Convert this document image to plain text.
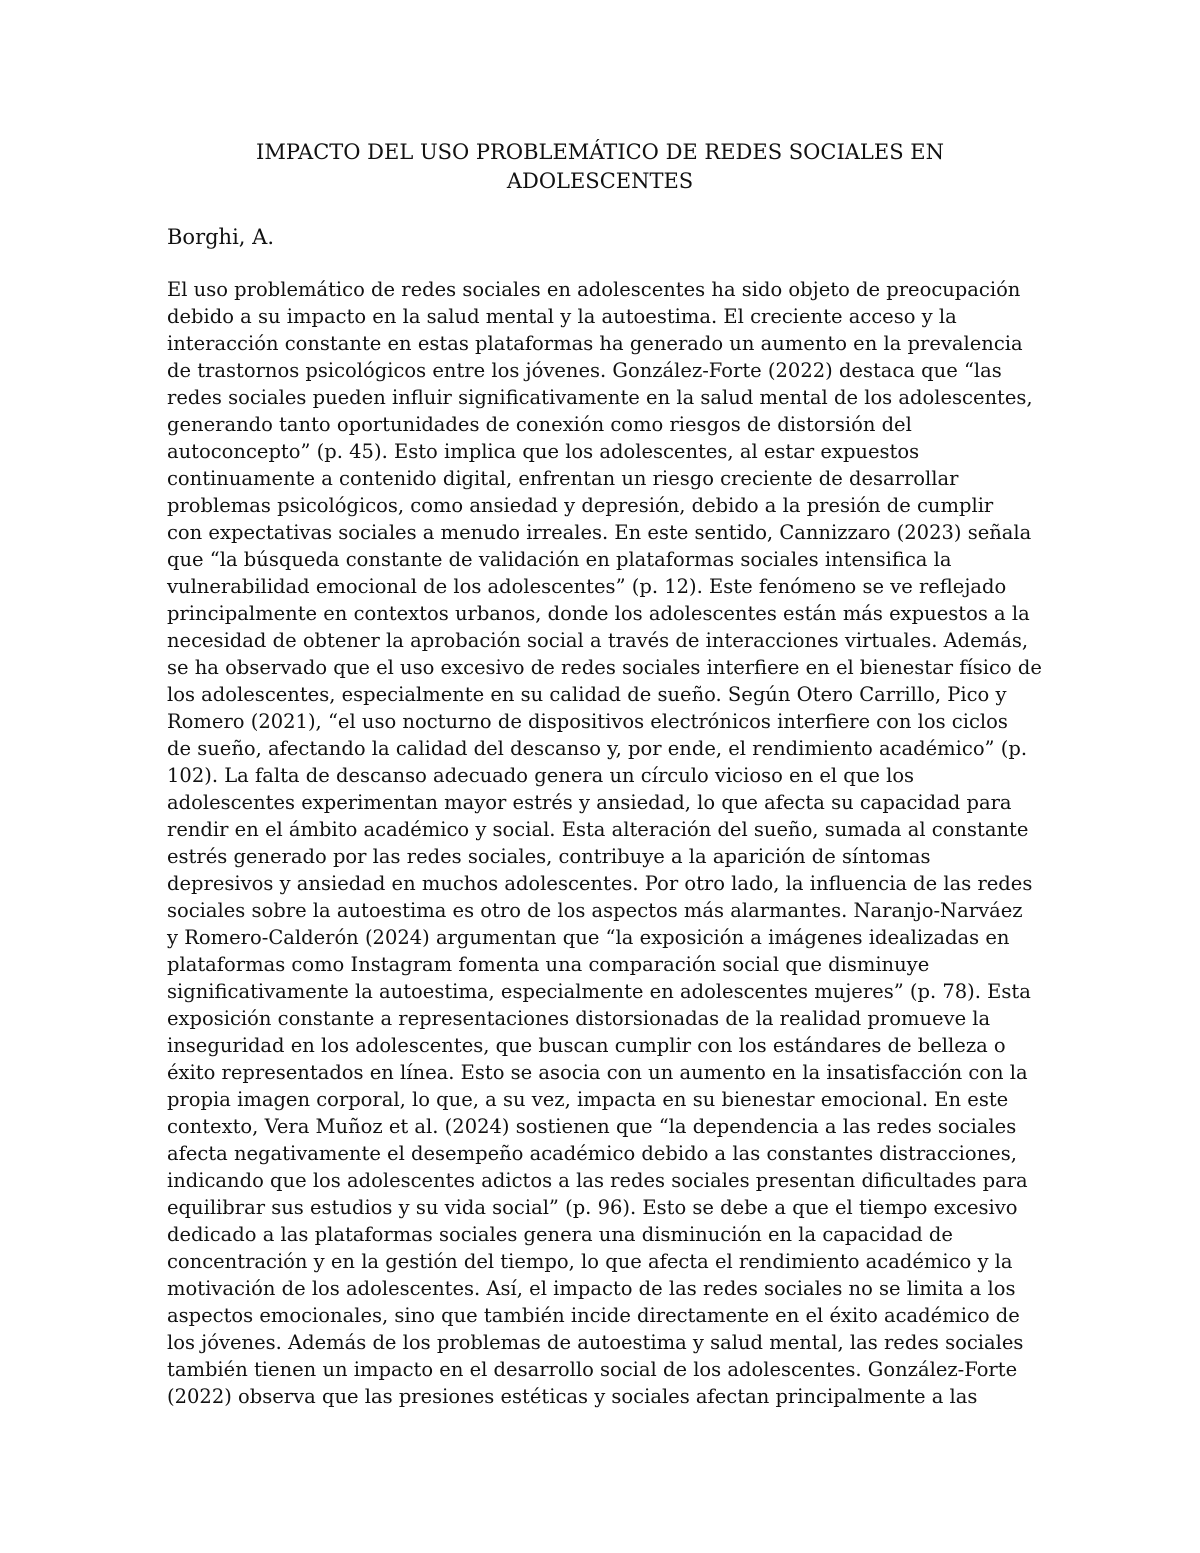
IMPACTO DEL USO PROBLEMÁTICO DE REDES SOCIALES EN
ADOLESCENTES

Borghi, A.

El uso problemático de redes sociales en adolescentes ha sido objeto de preocupación
debido a su impacto en la salud mental y la autoestima. El creciente acceso y la
interacción constante en estas plataformas ha generado un aumento en la prevalencia
de trastornos psicológicos entre los jóvenes. González-Forte (2022) destaca que “las
redes sociales pueden influir significativamente en la salud mental de los adolescentes,
generando tanto oportunidades de conexión como riesgos de distorsión del
autoconcepto” (p. 45). Esto implica que los adolescentes, al estar expuestos
continuamente a contenido digital, enfrentan un riesgo creciente de desarrollar
problemas psicológicos, como ansiedad y depresión, debido a la presión de cumplir
con expectativas sociales a menudo irreales. En este sentido, Cannizzaro (2023) señala
que “la búsqueda constante de validación en plataformas sociales intensifica la
vulnerabilidad emocional de los adolescentes” (p. 12). Este fenómeno se ve reflejado
principalmente en contextos urbanos, donde los adolescentes están más expuestos a la
necesidad de obtener la aprobación social a través de interacciones virtuales. Además,
se ha observado que el uso excesivo de redes sociales interfiere en el bienestar físico de
los adolescentes, especialmente en su calidad de sueño. Según Otero Carrillo, Pico y
Romero (2021), “el uso nocturno de dispositivos electrónicos interfiere con los ciclos
de sueño, afectando la calidad del descanso y, por ende, el rendimiento académico” (p.
102). La falta de descanso adecuado genera un círculo vicioso en el que los
adolescentes experimentan mayor estrés y ansiedad, lo que afecta su capacidad para
rendir en el ámbito académico y social. Esta alteración del sueño, sumada al constante
estrés generado por las redes sociales, contribuye a la aparición de síntomas
depresivos y ansiedad en muchos adolescentes. Por otro lado, la influencia de las redes
sociales sobre la autoestima es otro de los aspectos más alarmantes. Naranjo-Narváez
y Romero-Calderón (2024) argumentan que “la exposición a imágenes idealizadas en
plataformas como Instagram fomenta una comparación social que disminuye
significativamente la autoestima, especialmente en adolescentes mujeres” (p. 78). Esta
exposición constante a representaciones distorsionadas de la realidad promueve la
inseguridad en los adolescentes, que buscan cumplir con los estándares de belleza o
éxito representados en línea. Esto se asocia con un aumento en la insatisfacción con la
propia imagen corporal, lo que, a su vez, impacta en su bienestar emocional. En este
contexto, Vera Muñoz et al. (2024) sostienen que “la dependencia a las redes sociales
afecta negativamente el desempeño académico debido a las constantes distracciones,
indicando que los adolescentes adictos a las redes sociales presentan dificultades para
equilibrar sus estudios y su vida social” (p. 96). Esto se debe a que el tiempo excesivo
dedicado a las plataformas sociales genera una disminución en la capacidad de
concentración y en la gestión del tiempo, lo que afecta el rendimiento académico y la
motivación de los adolescentes. Así, el impacto de las redes sociales no se limita a los
aspectos emocionales, sino que también incide directamente en el éxito académico de
los jóvenes. Además de los problemas de autoestima y salud mental, las redes sociales
también tienen un impacto en el desarrollo social de los adolescentes. González-Forte
(2022) observa que las presiones estéticas y sociales afectan principalmente a las
